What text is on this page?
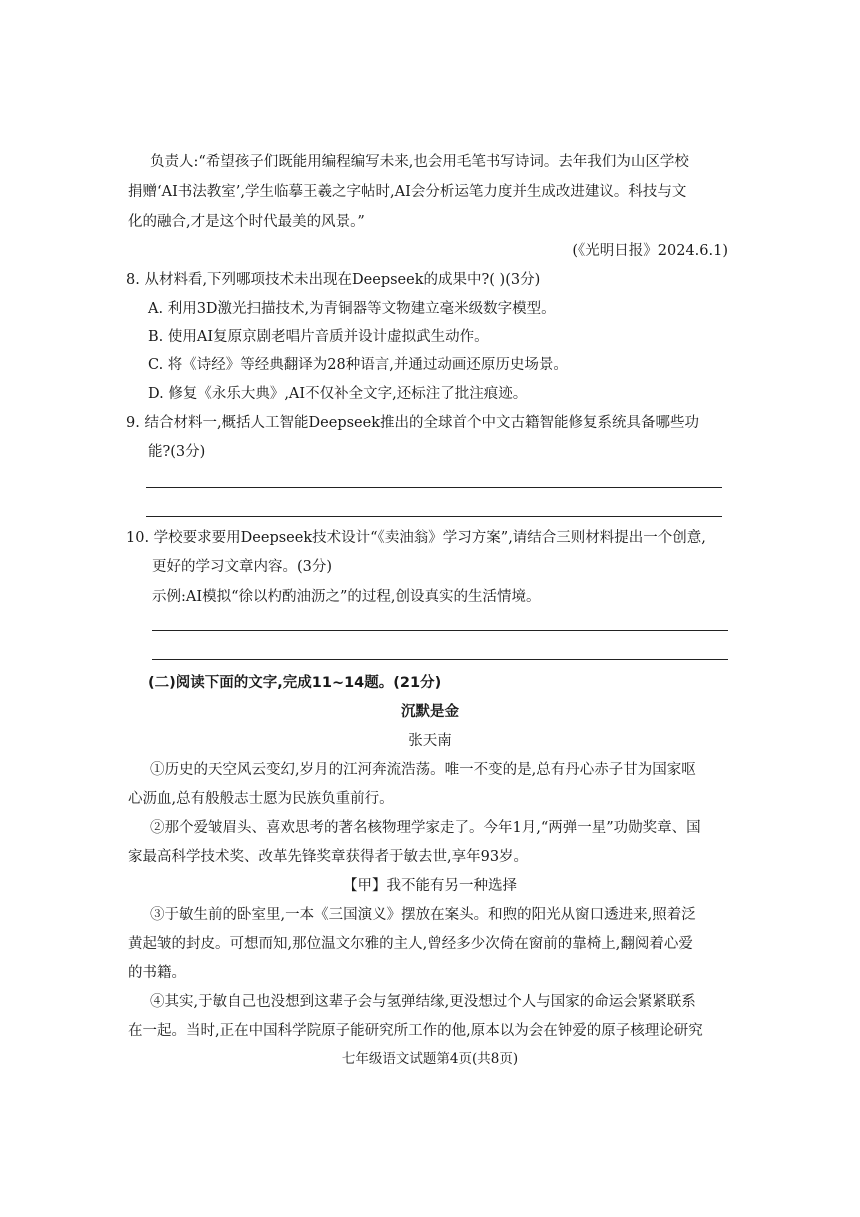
负责人:“希望孩子们既能用编程编写未来,也会用毛笔书写诗词。去年我们为山区学校
捐赠‘AI书法教室’,学生临摹王羲之字帖时,AI会分析运笔力度并生成改进建议。科技与文
化的融合,才是这个时代最美的风景。”
(《光明日报》2024.6.1)
8. 从材料看,下列哪项技术未出现在Deepseek的成果中?( )(3分)
A. 利用3D激光扫描技术,为青铜器等文物建立毫米级数字模型。
B. 使用AI复原京剧老唱片音质并设计虚拟武生动作。
C. 将《诗经》等经典翻译为28种语言,并通过动画还原历史场景。
D. 修复《永乐大典》,AI不仅补全文字,还标注了批注痕迹。
9. 结合材料一,概括人工智能Deepseek推出的全球首个中文古籍智能修复系统具备哪些功
能?(3分)
10. 学校要求要用Deepseek技术设计“《卖油翁》学习方案”,请结合三则材料提出一个创意,
更好的学习文章内容。(3分)
示例:AI模拟“徐以杓酌油沥之”的过程,创设真实的生活情境。
(二)阅读下面的文字,完成11~14题。(21分)
沉默是金
张天南
①历史的天空风云变幻,岁月的江河奔流浩荡。唯一不变的是,总有丹心赤子甘为国家呕
心沥血,总有般般志士愿为民族负重前行。
②那个爱皱眉头、喜欢思考的著名核物理学家走了。今年1月,“两弹一星”功勋奖章、国
家最高科学技术奖、改革先锋奖章获得者于敏去世,享年93岁。
【甲】我不能有另一种选择
③于敏生前的卧室里,一本《三国演义》摆放在案头。和煦的阳光从窗口透进来,照着泛
黄起皱的封皮。可想而知,那位温文尔雅的主人,曾经多少次倚在窗前的靠椅上,翻阅着心爱
的书籍。
④其实,于敏自己也没想到这辈子会与氢弹结缘,更没想过个人与国家的命运会紧紧联系
在一起。当时,正在中国科学院原子能研究所工作的他,原本以为会在钟爱的原子核理论研究
七年级语文试题第4页(共8页)
